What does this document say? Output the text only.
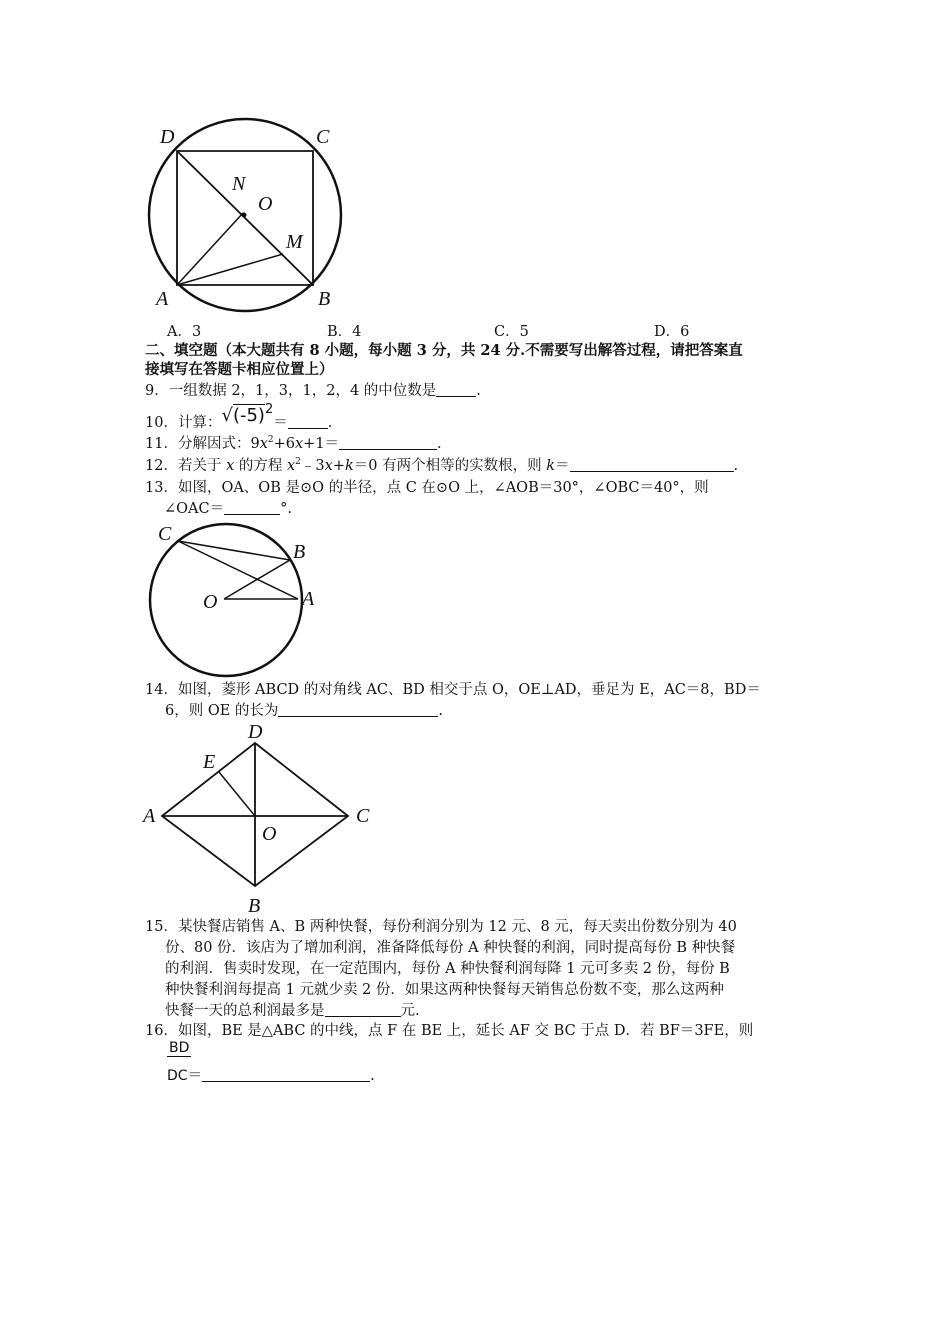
D	C
N
O
M
A	B
A．3	B．4	C．5	D．6
二、填空题（本大题共有 8 小题，每小题 3 分，共 24 分.不需要写出解答过程，请把答案直
接填写在答题卡相应位置上）
9．一组数据 2，1，3，1，2，4 的中位数是	.
10．计算：$√(-5)^2=$	.
11．分解因式：$9x^2+6x+1=$	.
12．若关于 x 的方程 $x^2﹣3x+k=0$ 有两个相等的实数根，则 k＝	.
13．如图，OA、OB 是⊙O 的半径，点 C 在⊙O 上，∠AOB＝30°，∠OBC＝40°，则
∠OAC＝	°.
C
B
O	A
14．如图，菱形 ABCD 的对角线 AC、BD 相交于点 O，OE⊥AD，垂足为 E，AC＝8，BD＝
6，则 OE 的长为	.
D
E
A	C
O
B
15．某快餐店销售 A、B 两种快餐，每份利润分别为 12 元、8 元，每天卖出份数分别为 40
份、80 份．该店为了增加利润，准备降低每份 A 种快餐的利润，同时提高每份 B 种快餐
的利润．售卖时发现，在一定范围内，每份 A 种快餐利润每降 1 元可多卖 2 份，每份 B
种快餐利润每提高 1 元就少卖 2 份．如果这两种快餐每天销售总份数不变，那么这两种
快餐一天的总利润最多是	元.
16．如图，BE 是△ABC 的中线，点 F 在 BE 上，延长 AF 交 BC 于点 D．若 BF＝3FE，则
BD
DC＝	.
